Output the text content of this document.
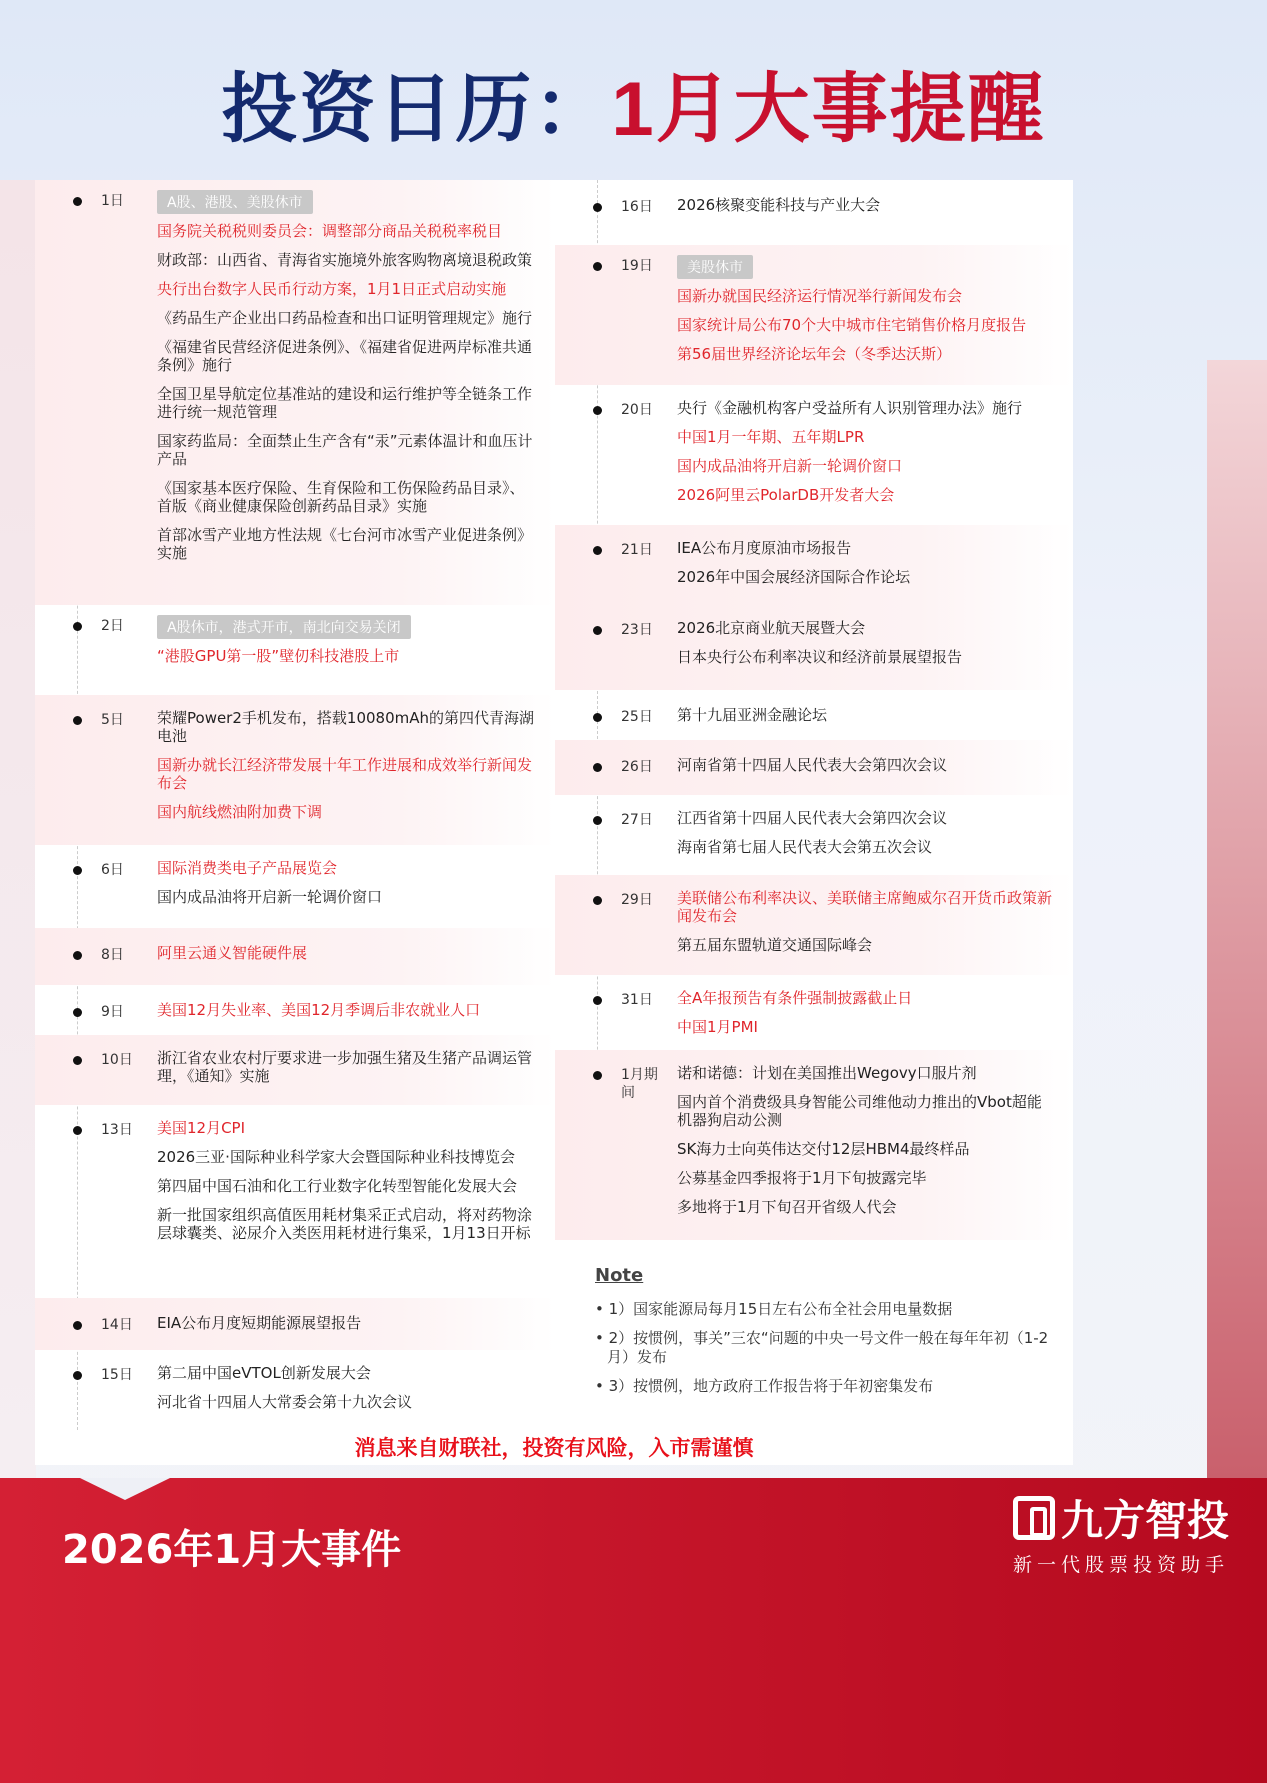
投资日历：1月大事提醒
1日	A股、港股、美股休市
国务院关税税则委员会：调整部分商品关税税率税目
财政部：山西省、青海省实施境外旅客购物离境退税政策
央行出台数字人民币行动方案，1月1日正式启动实施
《药品生产企业出口药品检查和出口证明管理规定》施行
《福建省民营经济促进条例》、《福建省促进两岸标准共通条例》施行
全国卫星导航定位基准站的建设和运行维护等全链条工作进行统一规范管理
国家药监局：全面禁止生产含有“汞”元素体温计和血压计产品
《国家基本医疗保险、生育保险和工伤保险药品目录》、首版《商业健康保险创新药品目录》实施
首部冰雪产业地方性法规《七台河市冰雪产业促进条例》实施
2日	A股休市，港式开市，南北向交易关闭
“港股GPU第一股”壁仞科技港股上市
5日	荣耀Power2手机发布，搭载10080mAh的第四代青海湖电池
国新办就长江经济带发展十年工作进展和成效举行新闻发布会
国内航线燃油附加费下调
6日	国际消费类电子产品展览会
国内成品油将开启新一轮调价窗口
8日	阿里云通义智能硬件展
9日	美国12月失业率、美国12月季调后非农就业人口
10日	浙江省农业农村厅要求进一步加强生猪及生猪产品调运管理，《通知》实施
13日	美国12月CPI
2026三亚·国际种业科学家大会暨国际种业科技博览会
第四届中国石油和化工行业数字化转型智能化发展大会
新一批国家组织高值医用耗材集采正式启动，将对药物涂层球囊类、泌尿介入类医用耗材进行集采，1月13日开标
14日	EIA公布月度短期能源展望报告
15日	第二届中国eVTOL创新发展大会
河北省十四届人大常委会第十九次会议
16日	2026核聚变能科技与产业大会
19日	美股休市
国新办就国民经济运行情况举行新闻发布会
国家统计局公布70个大中城市住宅销售价格月度报告
第56届世界经济论坛年会（冬季达沃斯）
20日	央行《金融机构客户受益所有人识别管理办法》施行
中国1月一年期、五年期LPR
国内成品油将开启新一轮调价窗口
2026阿里云PolarDB开发者大会
21日	IEA公布月度原油市场报告
2026年中国会展经济国际合作论坛
23日	2026北京商业航天展暨大会
日本央行公布利率决议和经济前景展望报告
25日	第十九届亚洲金融论坛
26日	河南省第十四届人民代表大会第四次会议
27日	江西省第十四届人民代表大会第四次会议
海南省第七届人民代表大会第五次会议
29日	美联储公布利率决议、美联储主席鲍威尔召开货币政策新闻发布会
第五届东盟轨道交通国际峰会
31日	全A年报预告有条件强制披露截止日
中国1月PMI
1月期间
诺和诺德：计划在美国推出Wegovy口服片剂
国内首个消费级具身智能公司维他动力推出的Vbot超能机器狗启动公测
SK海力士向英伟达交付12层HBM4最终样品
公募基金四季报将于1月下旬披露完毕
多地将于1月下旬召开省级人代会
Note
• 1）国家能源局每月15日左右公布全社会用电量数据
• 2）按惯例，事关”三农“问题的中央一号文件一般在每年年初（1-2月）发布
• 3）按惯例，地方政府工作报告将于年初密集发布
消息来自财联社，投资有风险，入市需谨慎
2026年1月大事件
九方智投
新一代股票投资助手
